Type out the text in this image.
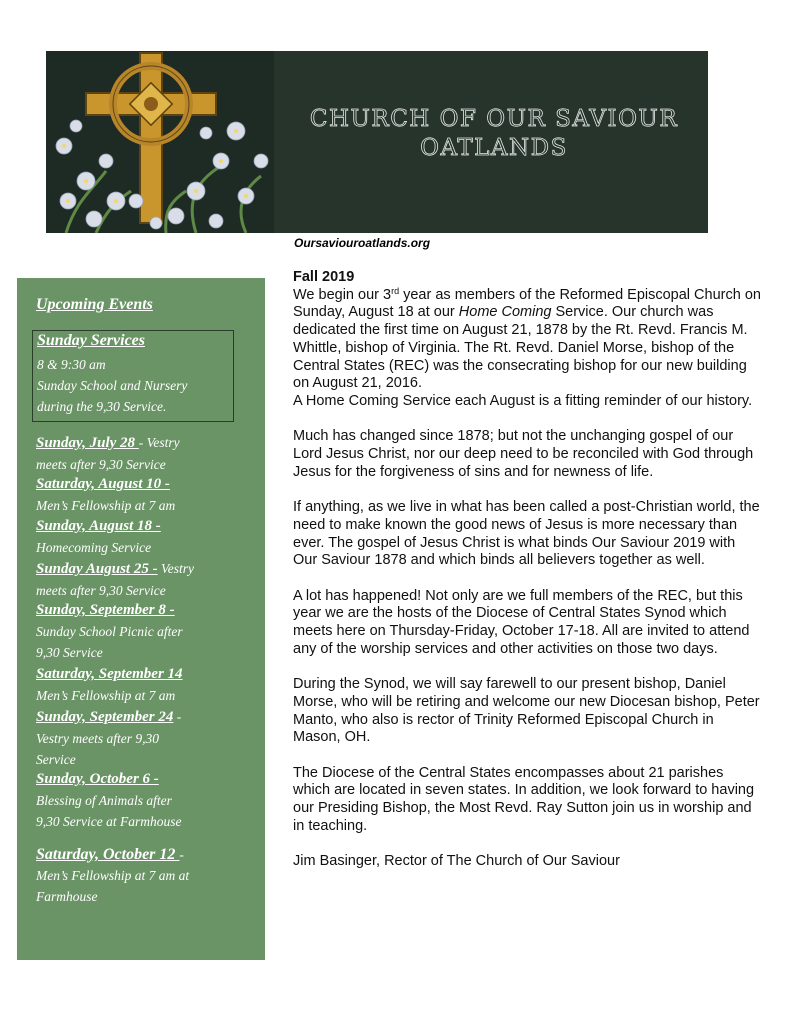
CHURCH OF OUR SAVIOUR
OATLANDS
Oursaviouroatlands.org
Upcoming Events
Sunday Services
8 & 9:30 am
Sunday School and Nursery
during the 9,30 Service.
Sunday, July 28 - Vestry
meets after 9,30 Service
Saturday, August 10 -
Men’s Fellowship at 7 am
Sunday, August 18 -
Homecoming Service
Sunday August 25 - Vestry
meets after 9,30 Service
Sunday, September 8 -
Sunday School Picnic after
9,30 Service
Saturday, September 14
Men’s Fellowship at 7 am
Sunday, September 24 -
Vestry meets after 9,30
Service
Sunday, October 6 -
Blessing of Animals after
9,30 Service at Farmhouse
Saturday, October 12 -
Men’s Fellowship at 7 am at
Farmhouse
Fall 2019

We begin our 3rd year as members of the Reformed Episcopal Church on Sunday, August 18 at our Home Coming Service. Our church was dedicated the first time on August 21, 1878 by the Rt. Revd. Francis M. Whittle, bishop of Virginia. The Rt. Revd. Daniel Morse, bishop of the Central States (REC) was the consecrating bishop for our new building on August 21, 2016.

A Home Coming Service each August is a fitting reminder of our history.

Much has changed since 1878; but not the unchanging gospel of our Lord Jesus Christ, nor our deep need to be reconciled with God through Jesus for the forgiveness of sins and for newness of life.

If anything, as we live in what has been called a post-Christian world, the need to make known the good news of Jesus is more necessary than ever. The gospel of Jesus Christ is what binds Our Saviour 2019 with Our Saviour 1878 and which binds all believers together as well.

A lot has happened! Not only are we full members of the REC, but this year we are the hosts of the Diocese of Central States Synod which meets here on Thursday-Friday, October 17-18. All are invited to attend any of the worship services and other activities on those two days.

During the Synod, we will say farewell to our present bishop, Daniel Morse, who will be retiring and welcome our new Diocesan bishop, Peter Manto, who also is rector of Trinity Reformed Episcopal Church in Mason, OH.

The Diocese of the Central States encompasses about 21 parishes which are located in seven states. In addition, we look forward to having our Presiding Bishop, the Most Revd. Ray Sutton join us in worship and in teaching.

Jim Basinger, Rector of The Church of Our Saviour
